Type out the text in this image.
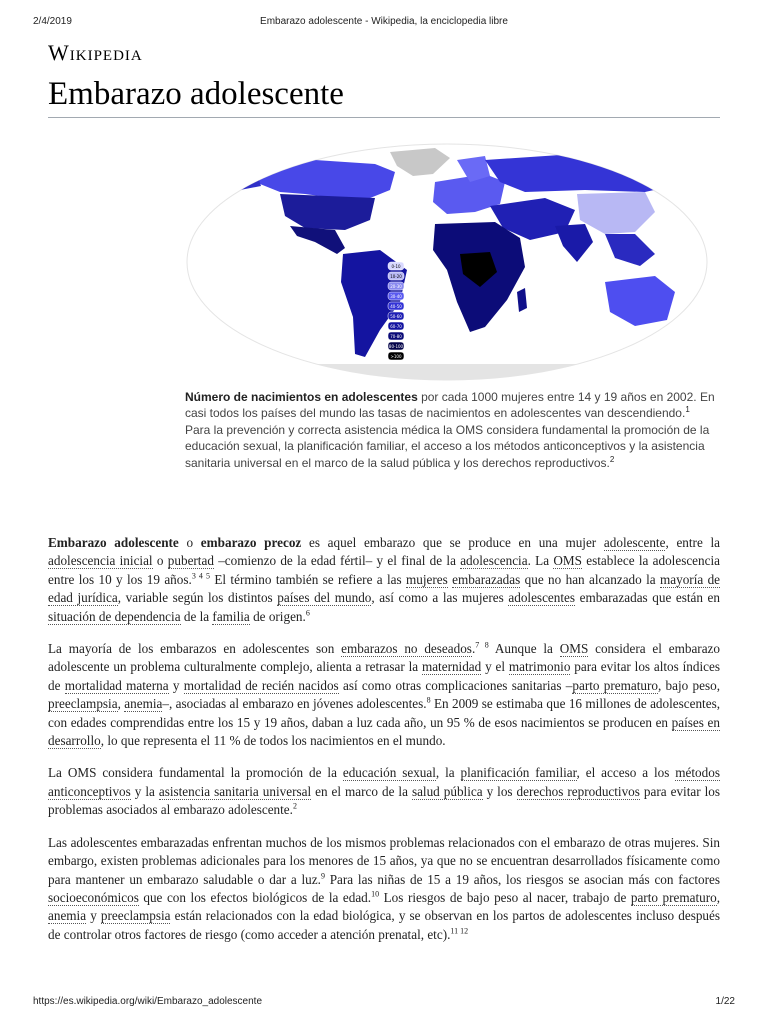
2/4/2019	Embarazo adolescente - Wikipedia, la enciclopedia libre
Wikipedia
Embarazo adolescente
0-10
10-20
20-30
30-40
40-50
50-60
60-70
70-80
80-100
>100

Número de nacimientos en adolescentes por cada 1000 mujeres entre 14 y 19 años en 2002. En casi todos los países del mundo las tasas de nacimientos en adolescentes van descendiendo.$^1$

Para la prevención y correcta asistencia médica la OMS considera fundamental la promoción de la educación sexual, la planificación familiar, el acceso a los métodos anticonceptivos y la asistencia sanitaria universal en el marco de la salud pública y los derechos reproductivos.$^2$

Embarazo adolescente o embarazo precoz es aquel embarazo que se produce en una mujer adolescente, entre la adolescencia inicial o pubertad –comienzo de la edad fértil– y el final de la adolescencia. La OMS establece la adolescencia entre los 10 y los 19 años.$^{3 4 5}$ El término también se refiere a las mujeres embarazadas que no han alcanzado la mayoría de edad jurídica, variable según los distintos países del mundo, así como a las mujeres adolescentes embarazadas que están en situación de dependencia de la familia de origen.$^6$

La mayoría de los embarazos en adolescentes son embarazos no deseados.$^{7 8}$ Aunque la OMS considera el embarazo adolescente un problema culturalmente complejo, alienta a retrasar la maternidad y el matrimonio para evitar los altos índices de mortalidad materna y mortalidad de recién nacidos así como otras complicaciones sanitarias –parto prematuro, bajo peso, preeclampsia, anemia–, asociadas al embarazo en jóvenes adolescentes.$^8$ En 2009 se estimaba que 16 millones de adolescentes, con edades comprendidas entre los 15 y 19 años, daban a luz cada año, un 95 % de esos nacimientos se producen en países en desarrollo, lo que representa el 11 % de todos los nacimientos en el mundo.

La OMS considera fundamental la promoción de la educación sexual, la planificación familiar, el acceso a los métodos anticonceptivos y la asistencia sanitaria universal en el marco de la salud pública y los derechos reproductivos para evitar los problemas asociados al embarazo adolescente.$^2$

Las adolescentes embarazadas enfrentan muchos de los mismos problemas relacionados con el embarazo de otras mujeres. Sin embargo, existen problemas adicionales para los menores de 15 años, ya que no se encuentran desarrollados físicamente como para mantener un embarazo saludable o dar a luz.$^9$ Para las niñas de 15 a 19 años, los riesgos se asocian más con factores socioeconómicos que con los efectos biológicos de la edad.$^{10}$ Los riesgos de bajo peso al nacer, trabajo de parto prematuro, anemia y preeclampsia están relacionados con la edad biológica, y se observan en los partos de adolescentes incluso después de controlar otros factores de riesgo (como acceder a atención prenatal, etc).$^{11 12}$

https://es.wikipedia.org/wiki/Embarazo_adolescente	1/22
